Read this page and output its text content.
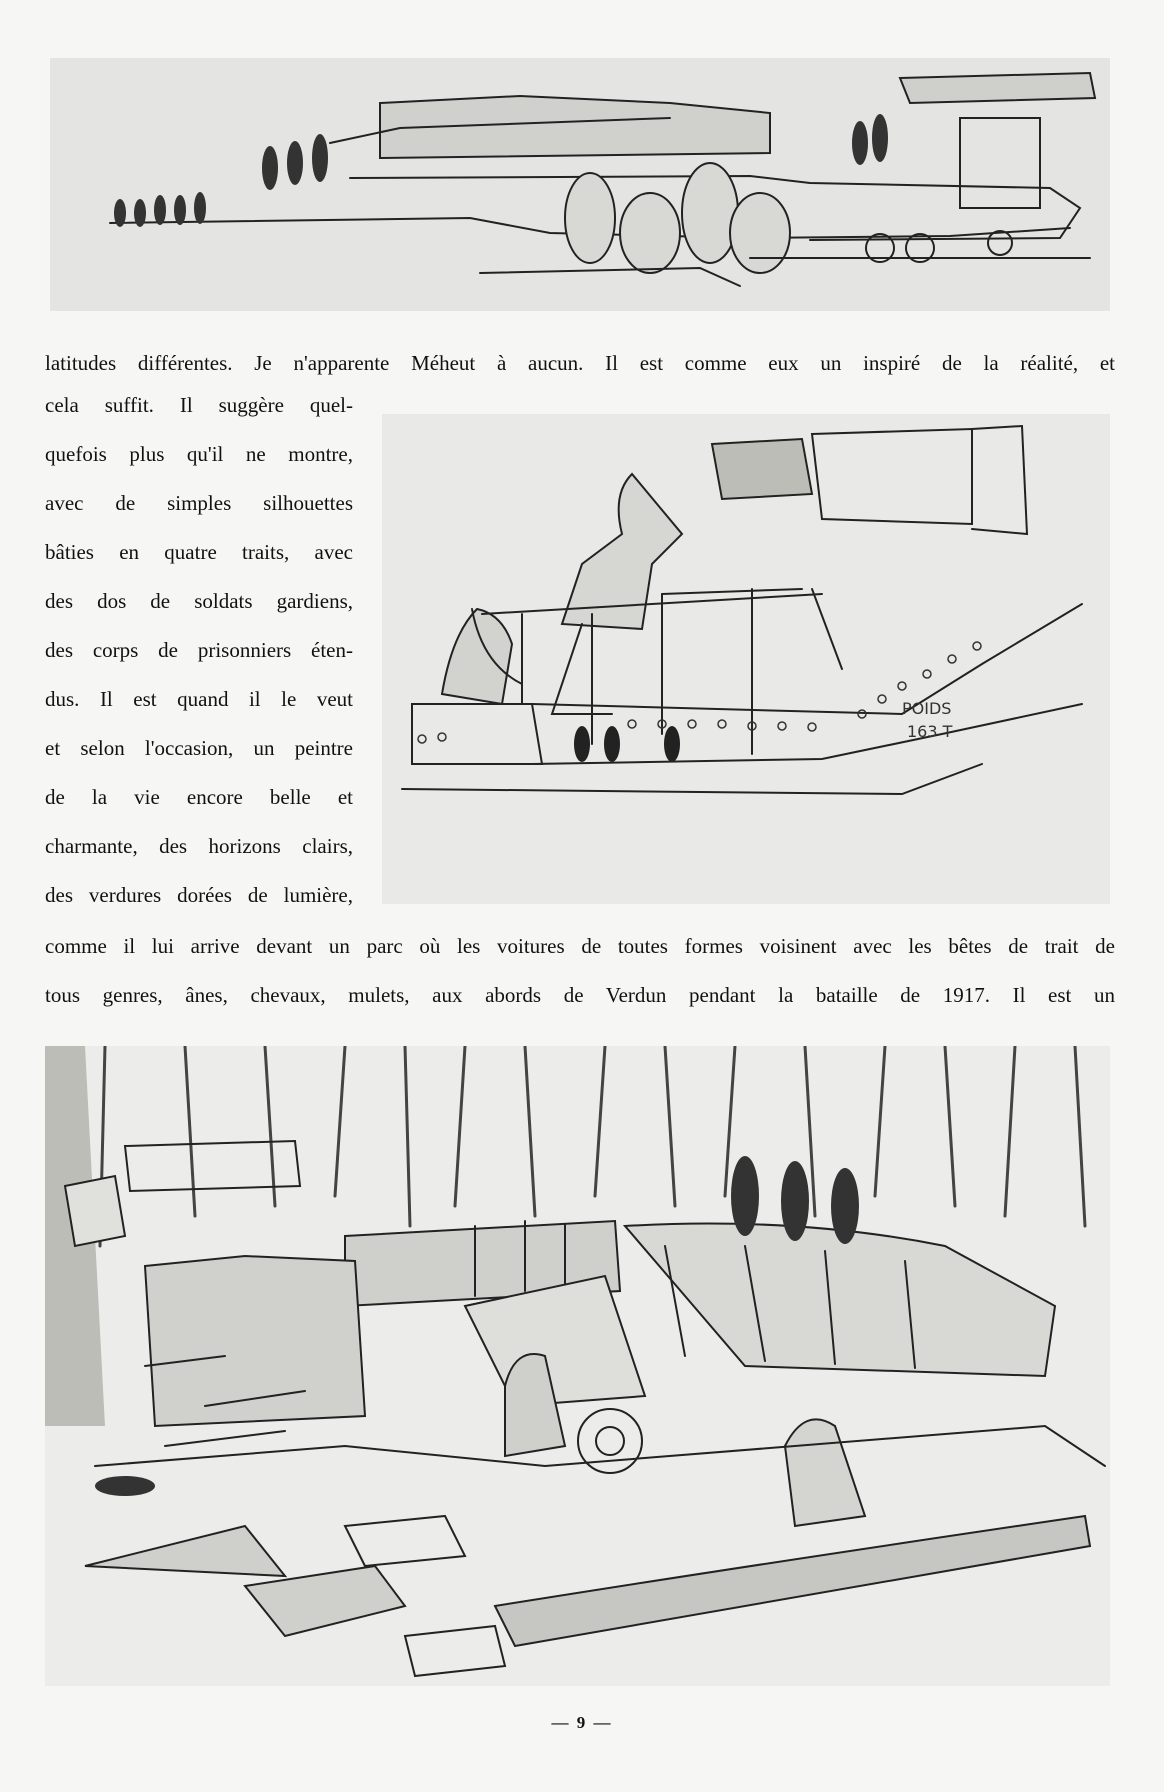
latitudes différentes. Je n'apparente Méheut à aucun. Il est comme eux un inspiré de la réalité, et
cela suffit. Il suggère quel-
quefois plus qu'il ne montre,
avec de simples silhouettes
bâties en quatre traits, avec
des dos de soldats gardiens,
des corps de prisonniers éten-
dus. Il est quand il le veut
et selon l'occasion, un peintre
de la vie encore belle et
charmante, des horizons clairs,
des verdures dorées de lumière,
POIDS
163 T
comme il lui arrive devant un parc où les voitures de toutes formes voisinent avec les bêtes de trait de
tous genres, ânes, chevaux, mulets, aux abords de Verdun pendant la bataille de 1917. Il est un
— 9 —
